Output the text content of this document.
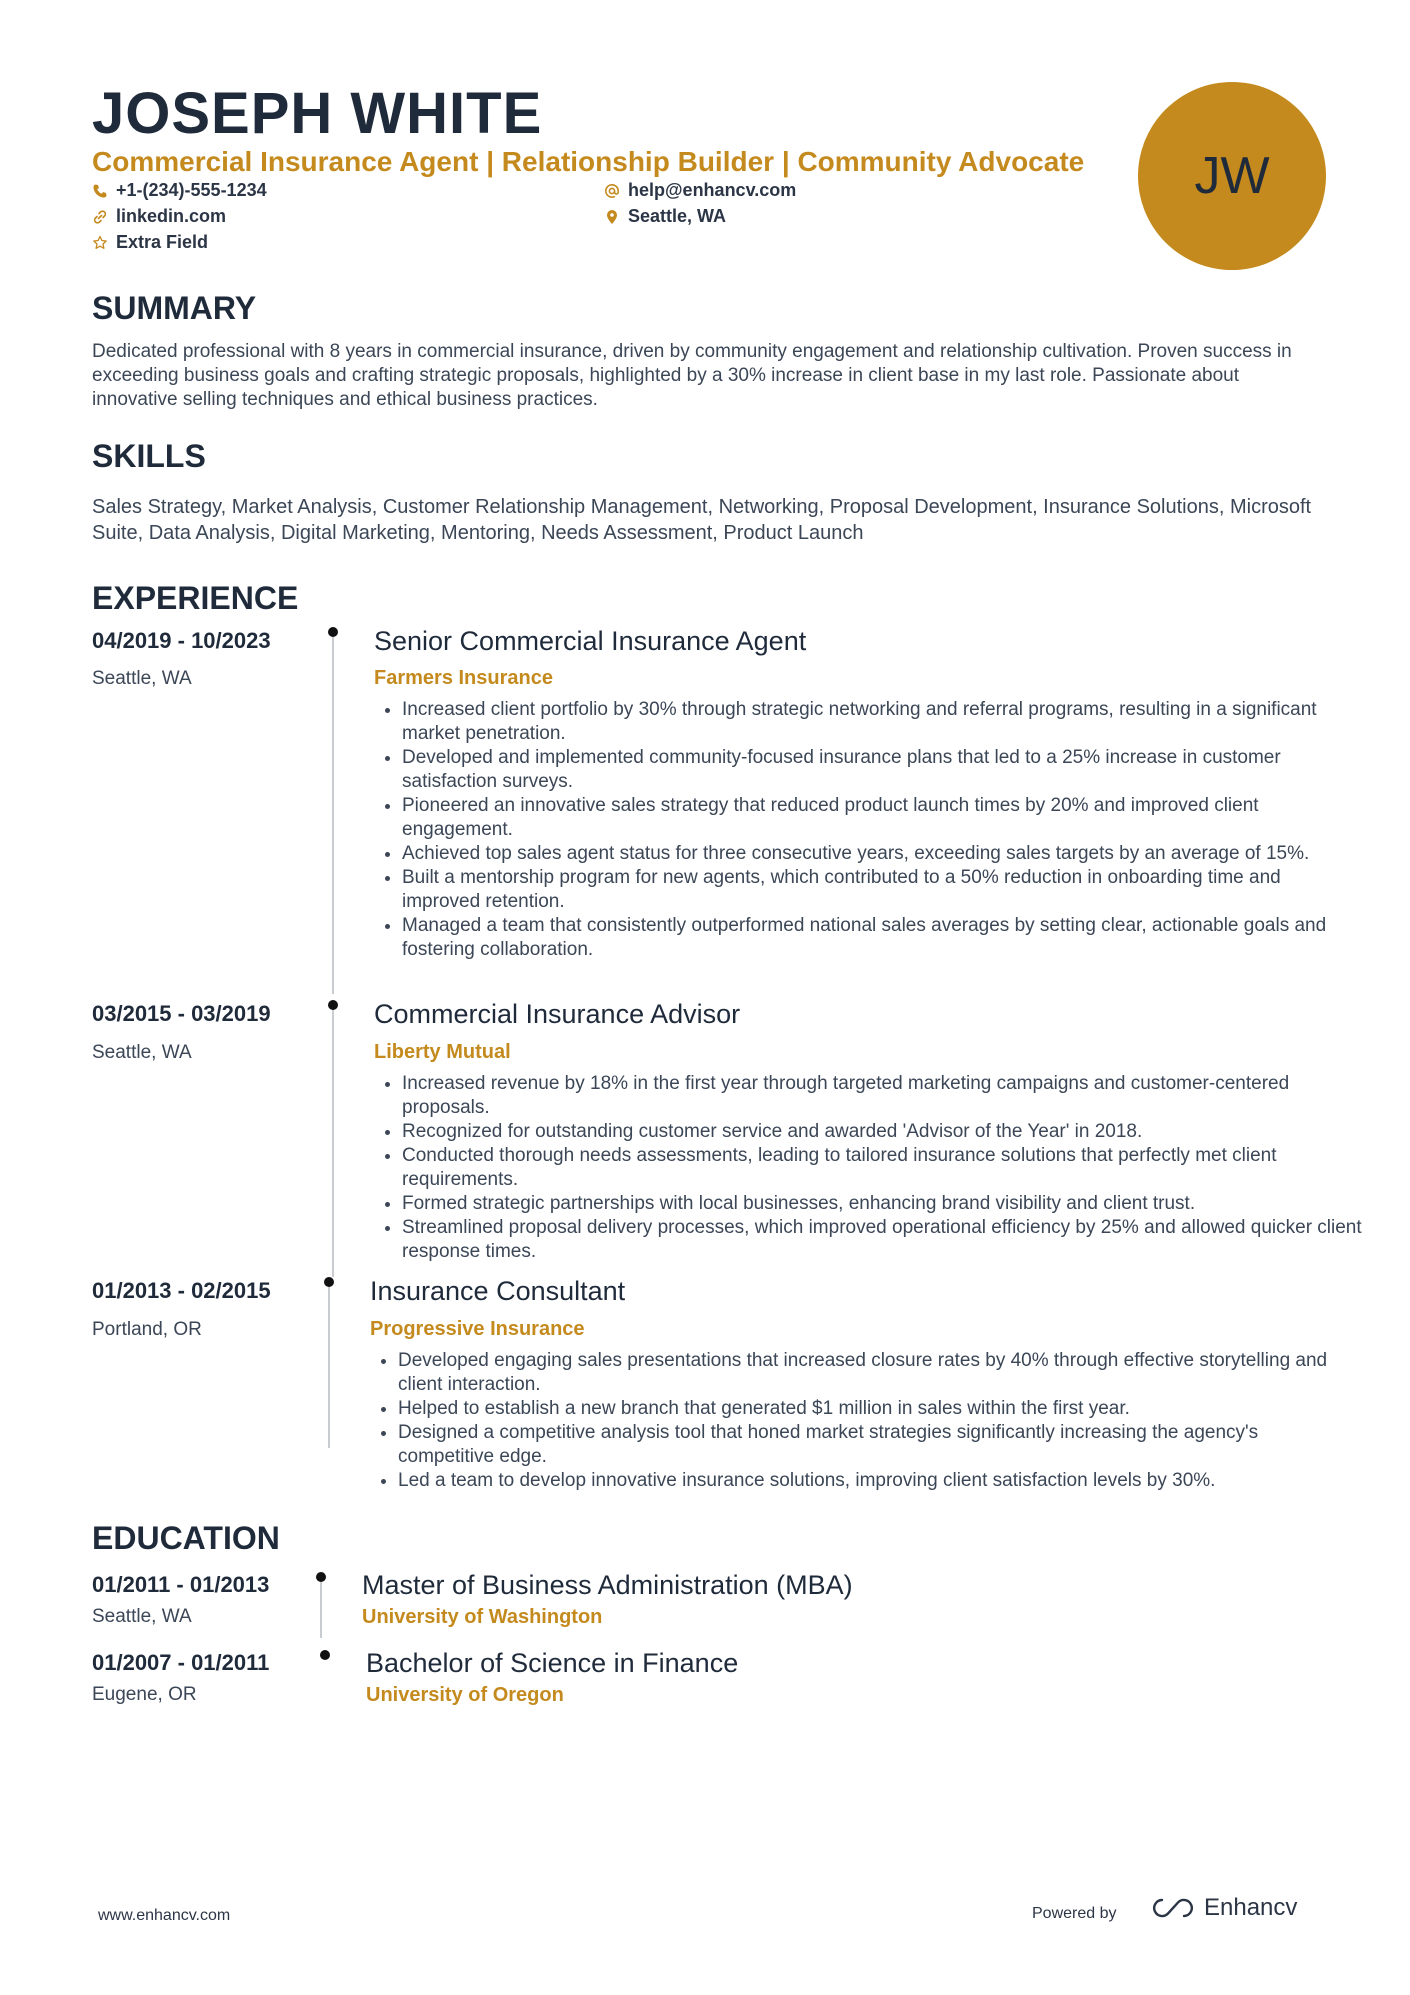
JOSEPH WHITE
Commercial Insurance Agent | Relationship Builder | Community Advocate
+1-(234)-555-1234	help@enhancv.com
linkedin.com	Seattle, WA
Extra Field
JW
SUMMARY
Dedicated professional with 8 years in commercial insurance, driven by community engagement and relationship cultivation. Proven success in exceeding business goals and crafting strategic proposals, highlighted by a 30% increase in client base in my last role. Passionate about innovative selling techniques and ethical business practices.
SKILLS
Sales Strategy, Market Analysis, Customer Relationship Management, Networking, Proposal Development, Insurance Solutions, Microsoft Suite, Data Analysis, Digital Marketing, Mentoring, Needs Assessment, Product Launch
EXPERIENCE
04/2019 - 10/2023
Seattle, WA
Senior Commercial Insurance Agent
Farmers Insurance
• Increased client portfolio by 30% through strategic networking and referral programs, resulting in a significant market penetration.
• Developed and implemented community-focused insurance plans that led to a 25% increase in customer satisfaction surveys.
• Pioneered an innovative sales strategy that reduced product launch times by 20% and improved client engagement.
• Achieved top sales agent status for three consecutive years, exceeding sales targets by an average of 15%.
• Built a mentorship program for new agents, which contributed to a 50% reduction in onboarding time and improved retention.
• Managed a team that consistently outperformed national sales averages by setting clear, actionable goals and fostering collaboration.
03/2015 - 03/2019
Seattle, WA
Commercial Insurance Advisor
Liberty Mutual
• Increased revenue by 18% in the first year through targeted marketing campaigns and customer-centered proposals.
• Recognized for outstanding customer service and awarded 'Advisor of the Year' in 2018.
• Conducted thorough needs assessments, leading to tailored insurance solutions that perfectly met client requirements.
• Formed strategic partnerships with local businesses, enhancing brand visibility and client trust.
• Streamlined proposal delivery processes, which improved operational efficiency by 25% and allowed quicker client response times.
01/2013 - 02/2015
Portland, OR
Insurance Consultant
Progressive Insurance
• Developed engaging sales presentations that increased closure rates by 40% through effective storytelling and client interaction.
• Helped to establish a new branch that generated $1 million in sales within the first year.
• Designed a competitive analysis tool that honed market strategies significantly increasing the agency's competitive edge.
• Led a team to develop innovative insurance solutions, improving client satisfaction levels by 30%.
EDUCATION
01/2011 - 01/2013
Seattle, WA
Master of Business Administration (MBA)
University of Washington
01/2007 - 01/2011
Eugene, OR
Bachelor of Science in Finance
University of Oregon
www.enhancv.com	Powered by	Enhancv
